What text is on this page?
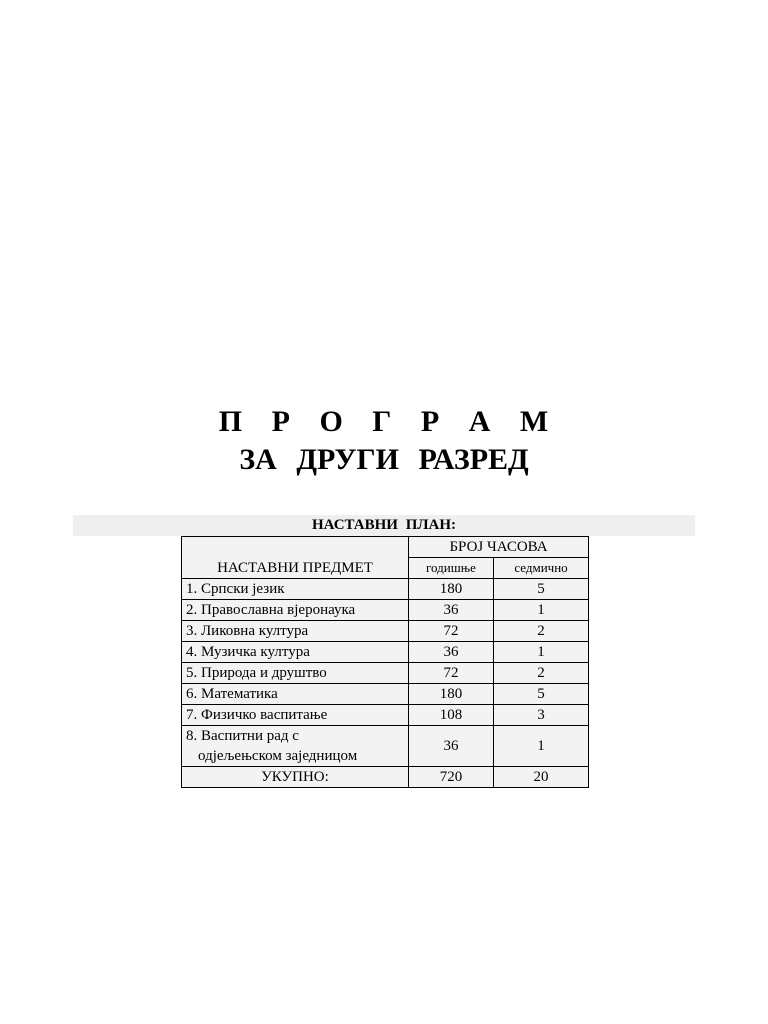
П Р О Г Р А М
ЗА ДРУГИ РАЗРЕД
НАСТАВНИ ПЛАН:
НАСТАВНИ ПРЕДМЕТ	БРОЈ ЧАСОВА	
	годишње	седмично
1. Српски језик	180	5
2. Православна вјеронаука	36	1
3. Ликовна култура	72	2
4. Музичка култура	36	1
5. Природа и друштво	72	2
6. Математика	180	5
7. Физичко васпитање	108	3

8. Васпитни рад с
одјељењском заједницом	36	1
УКУПНО:	720	20
